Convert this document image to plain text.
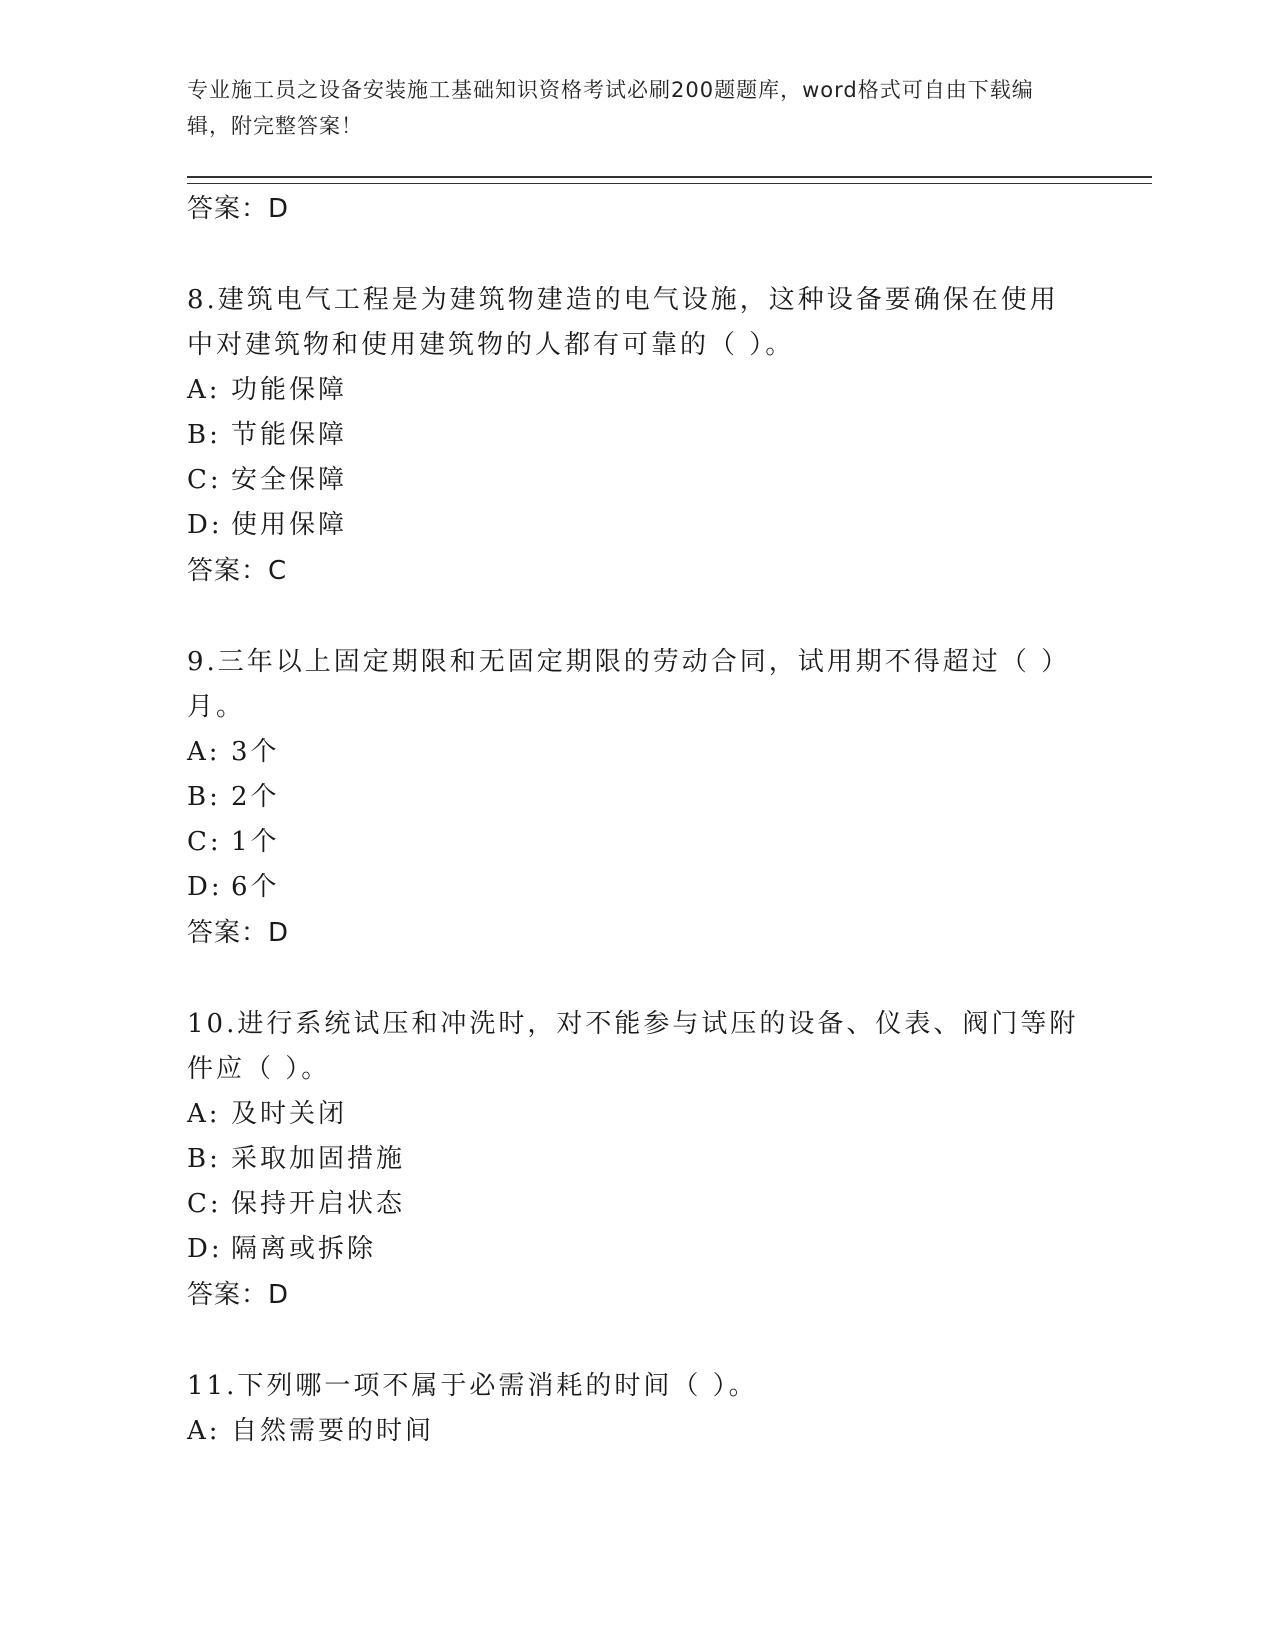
专业施工员之设备安装施工基础知识资格考试必刷200题题库，word格式可自由下载编辑，附完整答案！
答案：D

8.建筑电气工程是为建筑物建造的电气设施，这种设备要确保在使用中对建筑物和使用建筑物的人都有可靠的（ ）。

A: 功能保障
B: 节能保障
C: 安全保障
D: 使用保障
答案：C

9.三年以上固定期限和无固定期限的劳动合同，试用期不得超过（ ）月。

A: 3个
B: 2个
C: 1个
D: 6个
答案：D

10.进行系统试压和冲洗时，对不能参与试压的设备、仪表、阀门等附件应（ ）。

A: 及时关闭
B: 采取加固措施
C: 保持开启状态
D: 隔离或拆除
答案：D

11.下列哪一项不属于必需消耗的时间（ ）。

A: 自然需要的时间
